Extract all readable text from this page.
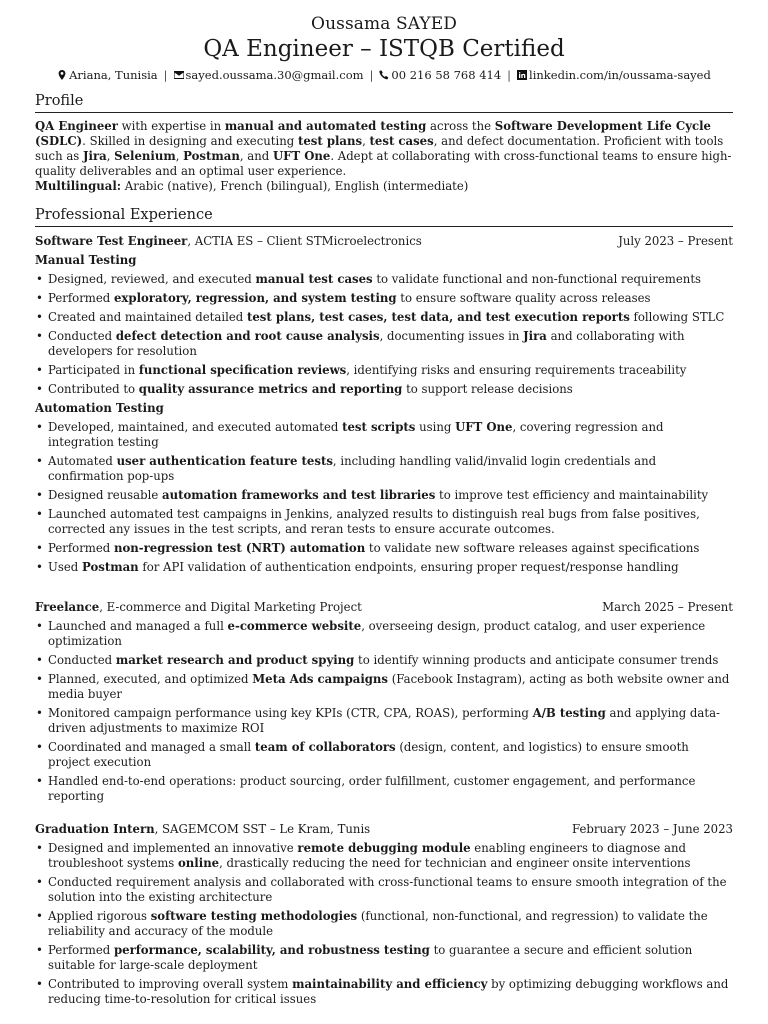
Oussama SAYED
QA Engineer – ISTQB Certified
Ariana, Tunisia |	sayed.oussama.30@gmail.com |	00 216 58 768 414 |	linkedin.com/in/oussama-sayed
Profile
QA Engineer with expertise in manual and automated testing across the Software Development Life Cycle (SDLC). Skilled in designing and executing test plans, test cases, and defect documentation. Proficient with tools such as Jira, Selenium, Postman, and UFT One. Adept at collaborating with cross-functional teams to ensure high-quality deliverables and an optimal user experience.
Multilingual: Arabic (native), French (bilingual), English (intermediate)
Professional Experience
Software Test Engineer, ACTIA ES – Client STMicroelectronics	July 2023 – Present
Manual Testing
• Designed, reviewed, and executed manual test cases to validate functional and non-functional requirements
• Performed exploratory, regression, and system testing to ensure software quality across releases
• Created and maintained detailed test plans, test cases, test data, and test execution reports following STLC
• Conducted defect detection and root cause analysis, documenting issues in Jira and collaborating with developers for resolution
• Participated in functional specification reviews, identifying risks and ensuring requirements traceability
• Contributed to quality assurance metrics and reporting to support release decisions
Automation Testing
• Developed, maintained, and executed automated test scripts using UFT One, covering regression and integration testing
• Automated user authentication feature tests, including handling valid/invalid login credentials and confirmation pop-ups
• Designed reusable automation frameworks and test libraries to improve test efficiency and maintainability
• Launched automated test campaigns in Jenkins, analyzed results to distinguish real bugs from false positives, corrected any issues in the test scripts, and reran tests to ensure accurate outcomes.
• Performed non-regression test (NRT) automation to validate new software releases against specifications
• Used Postman for API validation of authentication endpoints, ensuring proper request/response handling
Freelance, E-commerce and Digital Marketing Project	March 2025 – Present
• Launched and managed a full e-commerce website, overseeing design, product catalog, and user experience optimization
• Conducted market research and product spying to identify winning products and anticipate consumer trends
• Planned, executed, and optimized Meta Ads campaigns (Facebook Instagram), acting as both website owner and media buyer
• Monitored campaign performance using key KPIs (CTR, CPA, ROAS), performing A/B testing and applying data-driven adjustments to maximize ROI
• Coordinated and managed a small team of collaborators (design, content, and logistics) to ensure smooth project execution
• Handled end-to-end operations: product sourcing, order fulfillment, customer engagement, and performance reporting
Graduation Intern, SAGEMCOM SST – Le Kram, Tunis	February 2023 – June 2023
• Designed and implemented an innovative remote debugging module enabling engineers to diagnose and troubleshoot systems online, drastically reducing the need for technician and engineer onsite interventions
• Conducted requirement analysis and collaborated with cross-functional teams to ensure smooth integration of the solution into the existing architecture
• Applied rigorous software testing methodologies (functional, non-functional, and regression) to validate the reliability and accuracy of the module
• Performed performance, scalability, and robustness testing to guarantee a secure and efficient solution suitable for large-scale deployment
• Contributed to improving overall system maintainability and efficiency by optimizing debugging workflows and reducing time-to-resolution for critical issues
